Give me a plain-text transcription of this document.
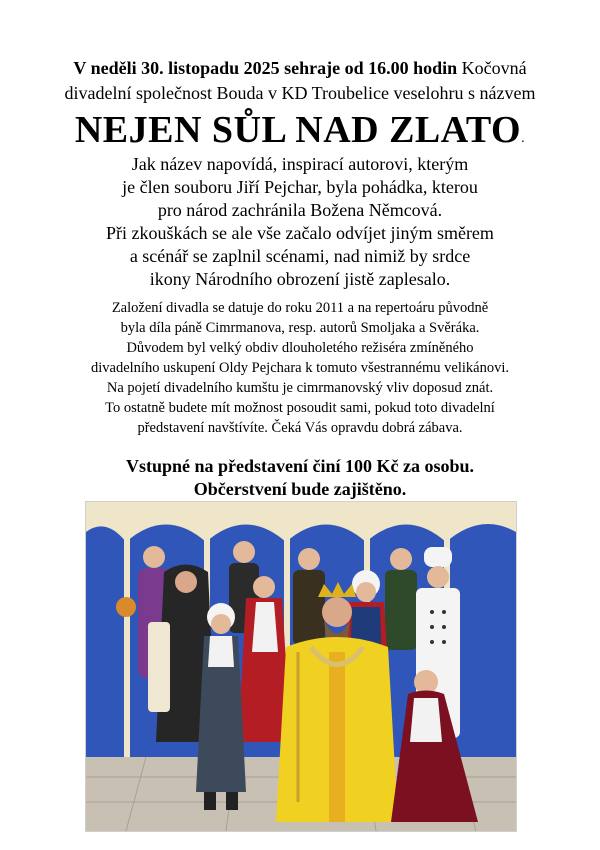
V neděli 30. listopadu 2025 sehraje od 16.00 hodin Kočovná
divadelní společnost Bouda v KD Troubelice veselohru s názvem
NEJEN SŮL NAD ZLATO.
Jak název napovídá, inspirací autorovi, kterým
je člen souboru Jiří Pejchar, byla pohádka, kterou
pro národ zachránila Božena Němcová.
Při zkouškách se ale vše začalo odvíjet jiným směrem
a scénář se zaplnil scénami, nad nimiž by srdce
ikony Národního obrození jistě zaplesalo.
Založení divadla se datuje do roku 2011 a na repertoáru původně
byla díla páně Cimrmanova, resp. autorů Smoljaka a Svěráka.
Důvodem byl velký obdiv dlouholetého režiséra zmíněného
divadelního uskupení Oldy Pejchara k tomuto všestrannému velikánovi.
Na pojetí divadelního kumštu je cimrmanovský vliv doposud znát.
To ostatně budete mít možnost posoudit sami, pokud toto divadelní
představení navštívíte. Čeká Vás opravdu dobrá zábava.
Vstupné na představení činí 100 Kč za osobu.
Občerstvení bude zajištěno.
